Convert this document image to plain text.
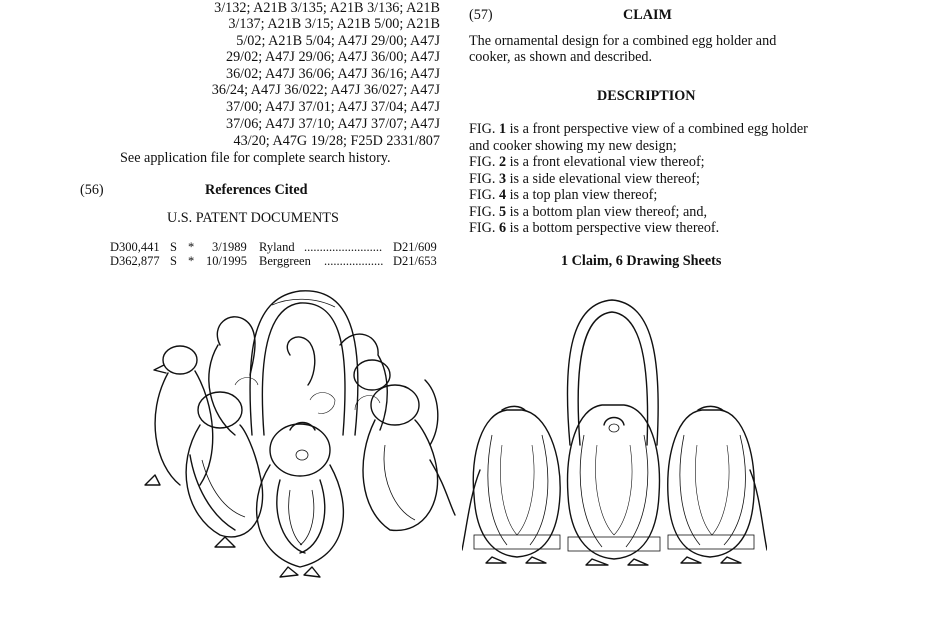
3/132; A21B 3/135; A21B 3/136; A21B
3/137; A21B 3/15; A21B 5/00; A21B
5/02; A21B 5/04; A47J 29/00; A47J
29/02; A47J 29/06; A47J 36/00; A47J
36/02; A47J 36/06; A47J 36/16; A47J
36/24; A47J 36/022; A47J 36/027; A47J
37/00; A47J 37/01; A47J 37/04; A47J
37/06; A47J 37/10; A47J 37/07; A47J
43/20; A47G 19/28; F25D 2331/807
See application file for complete search history.
(56)	References Cited
U.S. PATENT DOCUMENTS
D300,441 S * 3/1989 Ryland ......................... D21/609
D362,877 S * 10/1995 Berggreen ................... D21/653
(57)	CLAIM
The ornamental design for a combined egg holder and
cooker, as shown and described.
DESCRIPTION
FIG. 1 is a front perspective view of a combined egg holder
and cooker showing my new design;
FIG. 2 is a front elevational view thereof;
FIG. 3 is a side elevational view thereof;
FIG. 4 is a top plan view thereof;
FIG. 5 is a bottom plan view thereof; and,
FIG. 6 is a bottom perspective view thereof.
1 Claim, 6 Drawing Sheets
